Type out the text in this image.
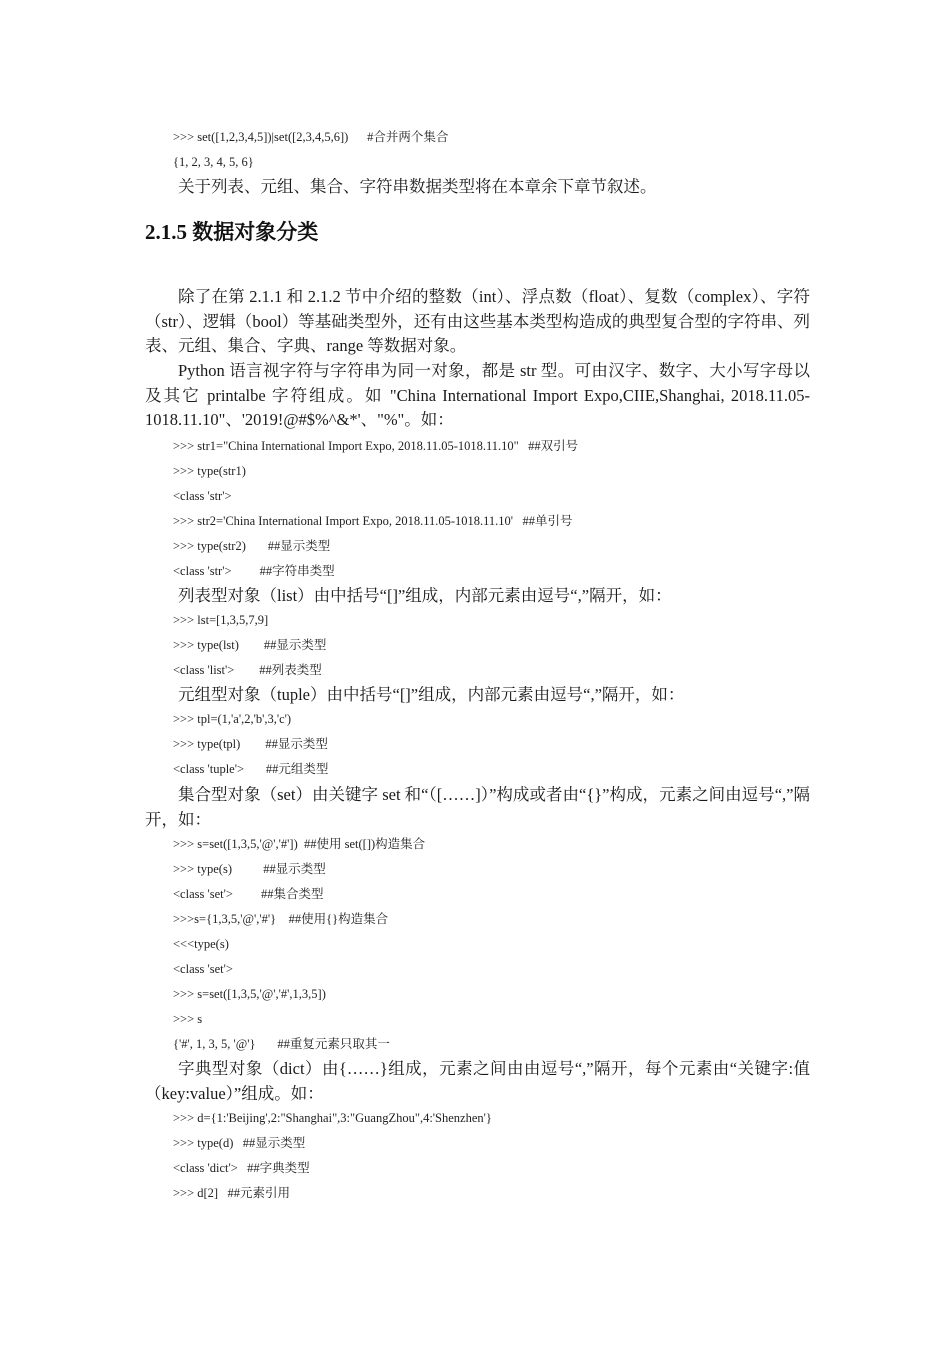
>>> set([1,2,3,4,5])|set([2,3,4,5,6])      #合并两个集合
{1, 2, 3, 4, 5, 6}
关于列表、元组、集合、字符串数据类型将在本章余下章节叙述。
2.1.5 数据对象分类
除了在第 2.1.1 和 2.1.2 节中介绍的整数（int）、浮点数（float）、复数（complex）、字符（str）、逻辑（bool）等基础类型外，还有由这些基本类型构造成的典型复合型的字符串、列表、元组、集合、字典、range 等数据对象。
Python 语言视字符与字符串为同一对象，都是 str 型。可由汉字、数字、大小写字母以及其它 printalbe 字符组成。如 "China International Import Expo,CIIE,Shanghai, 2018.11.05-1018.11.10"、'2019!@#$%^&*'、"%"。如：
>>> str1="China International Import Expo, 2018.11.05-1018.11.10"   ##双引号
>>> type(str1)
<class 'str'>
>>> str2='China International Import Expo, 2018.11.05-1018.11.10'   ##单引号
>>> type(str2)       ##显示类型
<class 'str'>         ##字符串类型
列表型对象（list）由中括号“[]”组成，内部元素由逗号“,”隔开，如：
>>> lst=[1,3,5,7,9]
>>> type(lst)        ##显示类型
<class 'list'>        ##列表类型
元组型对象（tuple）由中括号“[]”组成，内部元素由逗号“,”隔开，如：
>>> tpl=(1,'a',2,'b',3,'c')
>>> type(tpl)        ##显示类型
<class 'tuple'>       ##元组类型
集合型对象（set）由关键字 set 和“（[……]）”构成或者由“{}”构成，元素之间由逗号“,”隔开，如：
>>> s=set([1,3,5,'@','#'])  ##使用 set([])构造集合
>>> type(s)          ##显示类型
<class 'set'>         ##集合类型
>>>s={1,3,5,'@','#'}    ##使用{}构造集合
<<<type(s)
<class 'set'>
>>> s=set([1,3,5,'@','#',1,3,5])
>>> s
{'#', 1, 3, 5, '@'}       ##重复元素只取其一
字典型对象（dict）由{……}组成，元素之间由由逗号“,”隔开，每个元素由“关键字:值（key:value）”组成。如：
>>> d={1:'Beijing',2:"Shanghai",3:"GuangZhou",4:'Shenzhen'}
>>> type(d)   ##显示类型
<class 'dict'>   ##字典类型
>>> d[2]   ##元素引用
